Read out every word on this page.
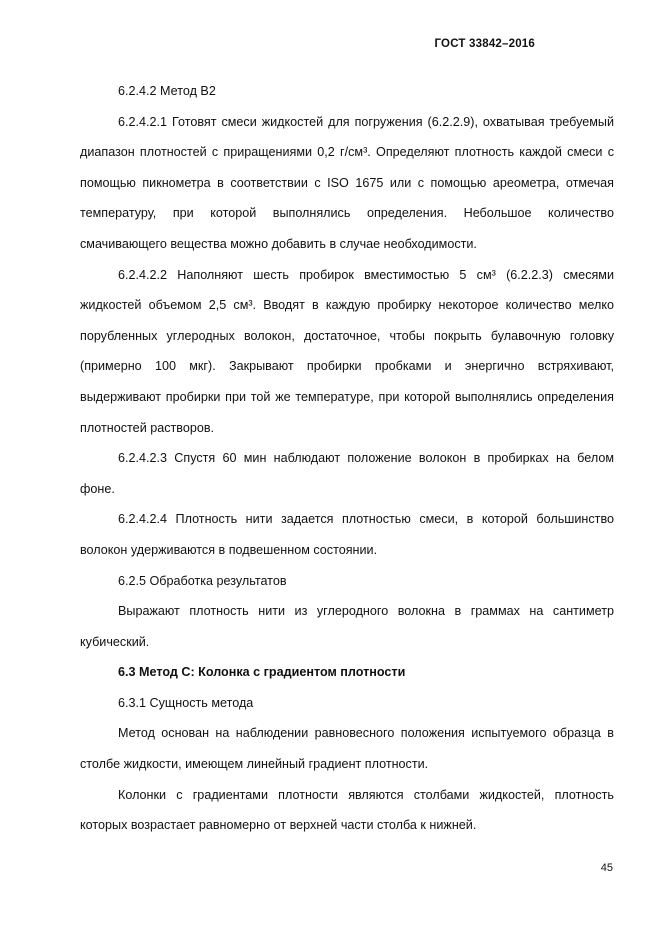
ГОСТ 33842–2016

6.2.4.2 Метод В2

6.2.4.2.1 Готовят смеси жидкостей для погружения (6.2.2.9), охватывая требуемый диапазон плотностей с приращениями 0,2 г/см³. Определяют плотность каждой смеси с помощью пикнометра в соответствии с ISO 1675 или с помощью ареометра, отмечая температуру, при которой выполнялись определения. Небольшое количество смачивающего вещества можно добавить в случае необходимости.

6.2.4.2.2 Наполняют шесть пробирок вместимостью 5 см³ (6.2.2.3) смесями жидкостей объемом 2,5 см³. Вводят в каждую пробирку некоторое количество мелко порубленных углеродных волокон, достаточное, чтобы покрыть булавочную головку (примерно 100 мкг). Закрывают пробирки пробками и энергично встряхивают, выдерживают пробирки при той же температуре, при которой выполнялись определения плотностей растворов.

6.2.4.2.3 Спустя 60 мин наблюдают положение волокон в пробирках на белом фоне.

6.2.4.2.4 Плотность нити задается плотностью смеси, в которой большинство волокон удерживаются в подвешенном состоянии.

6.2.5 Обработка результатов

Выражают плотность нити из углеродного волокна в граммах на сантиметр кубический.

6.3 Метод С: Колонка с градиентом плотности

6.3.1 Сущность метода

Метод основан на наблюдении равновесного положения испытуемого образца в столбе жидкости, имеющем линейный градиент плотности.

Колонки с градиентами плотности являются столбами жидкостей, плотность которых возрастает равномерно от верхней части столба к нижней.

45
